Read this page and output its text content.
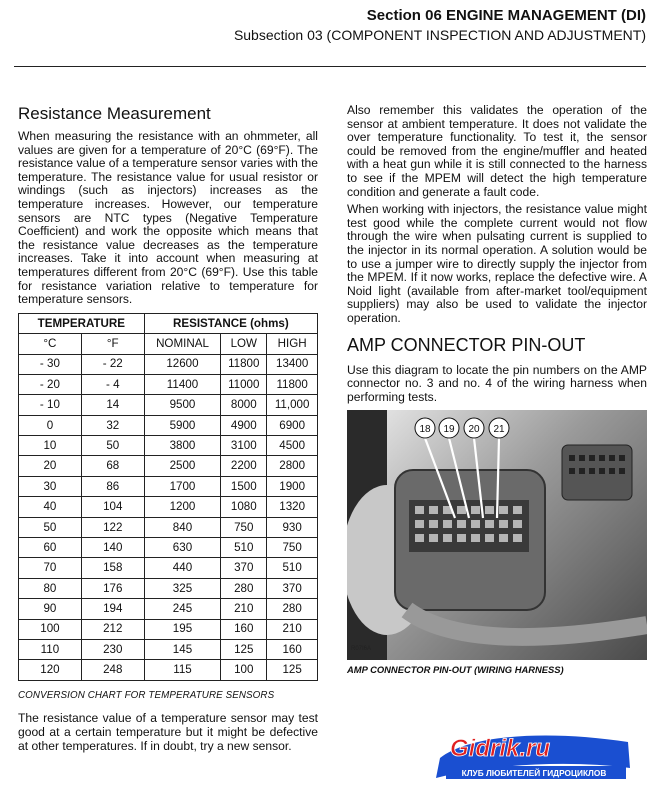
Section 06 ENGINE MANAGEMENT (DI)
Subsection 03 (COMPONENT INSPECTION AND ADJUSTMENT)
Resistance Measurement

When measuring the resistance with an ohmmeter, all values are given for a temperature of 20°C (69°F). The resistance value of a temperature sensor varies with the temperature. The resistance value for usual resistor or windings (such as injectors) increases as the temperature increases. However, our temperature sensors are NTC types (Negative Temperature Coefficient) and work the opposite which means that the resistance value decreases as the temperature increases. Take it into account when measuring at temperatures different from 20°C (69°F). Use this table for resistance variation relative to temperature for temperature sensors.

TEMPERATURE		RESISTANCE (ohms)		
°C	°F	NOMINAL	LOW	HIGH
- 30	- 22	12600	11800	13400
- 20	- 4	11400	11000	11800
- 10	14	9500	8000	11,000
0	32	5900	4900	6900
10	50	3800	3100	4500
20	68	2500	2200	2800
30	86	1700	1500	1900
40	104	1200	1080	1320
50	122	840	750	930
60	140	630	510	750
70	158	440	370	510
80	176	325	280	370
90	194	245	210	280
100	212	195	160	210
110	230	145	125	160
120	248	115	100	125
CONVERSION CHART FOR TEMPERATURE SENSORS

The resistance value of a temperature sensor may test good at a certain temperature but it might be defective at other temperatures. If in doubt, try a new sensor.

Also remember this validates the operation of the sensor at ambient temperature. It does not validate the over temperature functionality. To test it, the sensor could be removed from the engine/muffler and heated with a heat gun while it is still connected to the harness to see if the MPEM will detect the high temperature condition and generate a fault code.

When working with injectors, the resistance value might test good while the complete current would not flow through the wire when pulsating current is supplied to the injector in its normal operation. A solution would be to use a jumper wire to directly supply the injector from the MPEM. If it now works, replace the defective wire. A Noid light (available from after-market tool/equipment suppliers) may also be used to validate the injector operation.

AMP CONNECTOR PIN-OUT

Use this diagram to locate the pin numbers on the AMP connector no. 3 and no. 4 of the wiring harness when performing tests.

18 19 20 21
R07I6A
AMP CONNECTOR PIN-OUT (WIRING HARNESS)
Gidrik.ru
КЛУБ ЛЮБИТЕЛЕЙ ГИДРОЦИКЛОВ
